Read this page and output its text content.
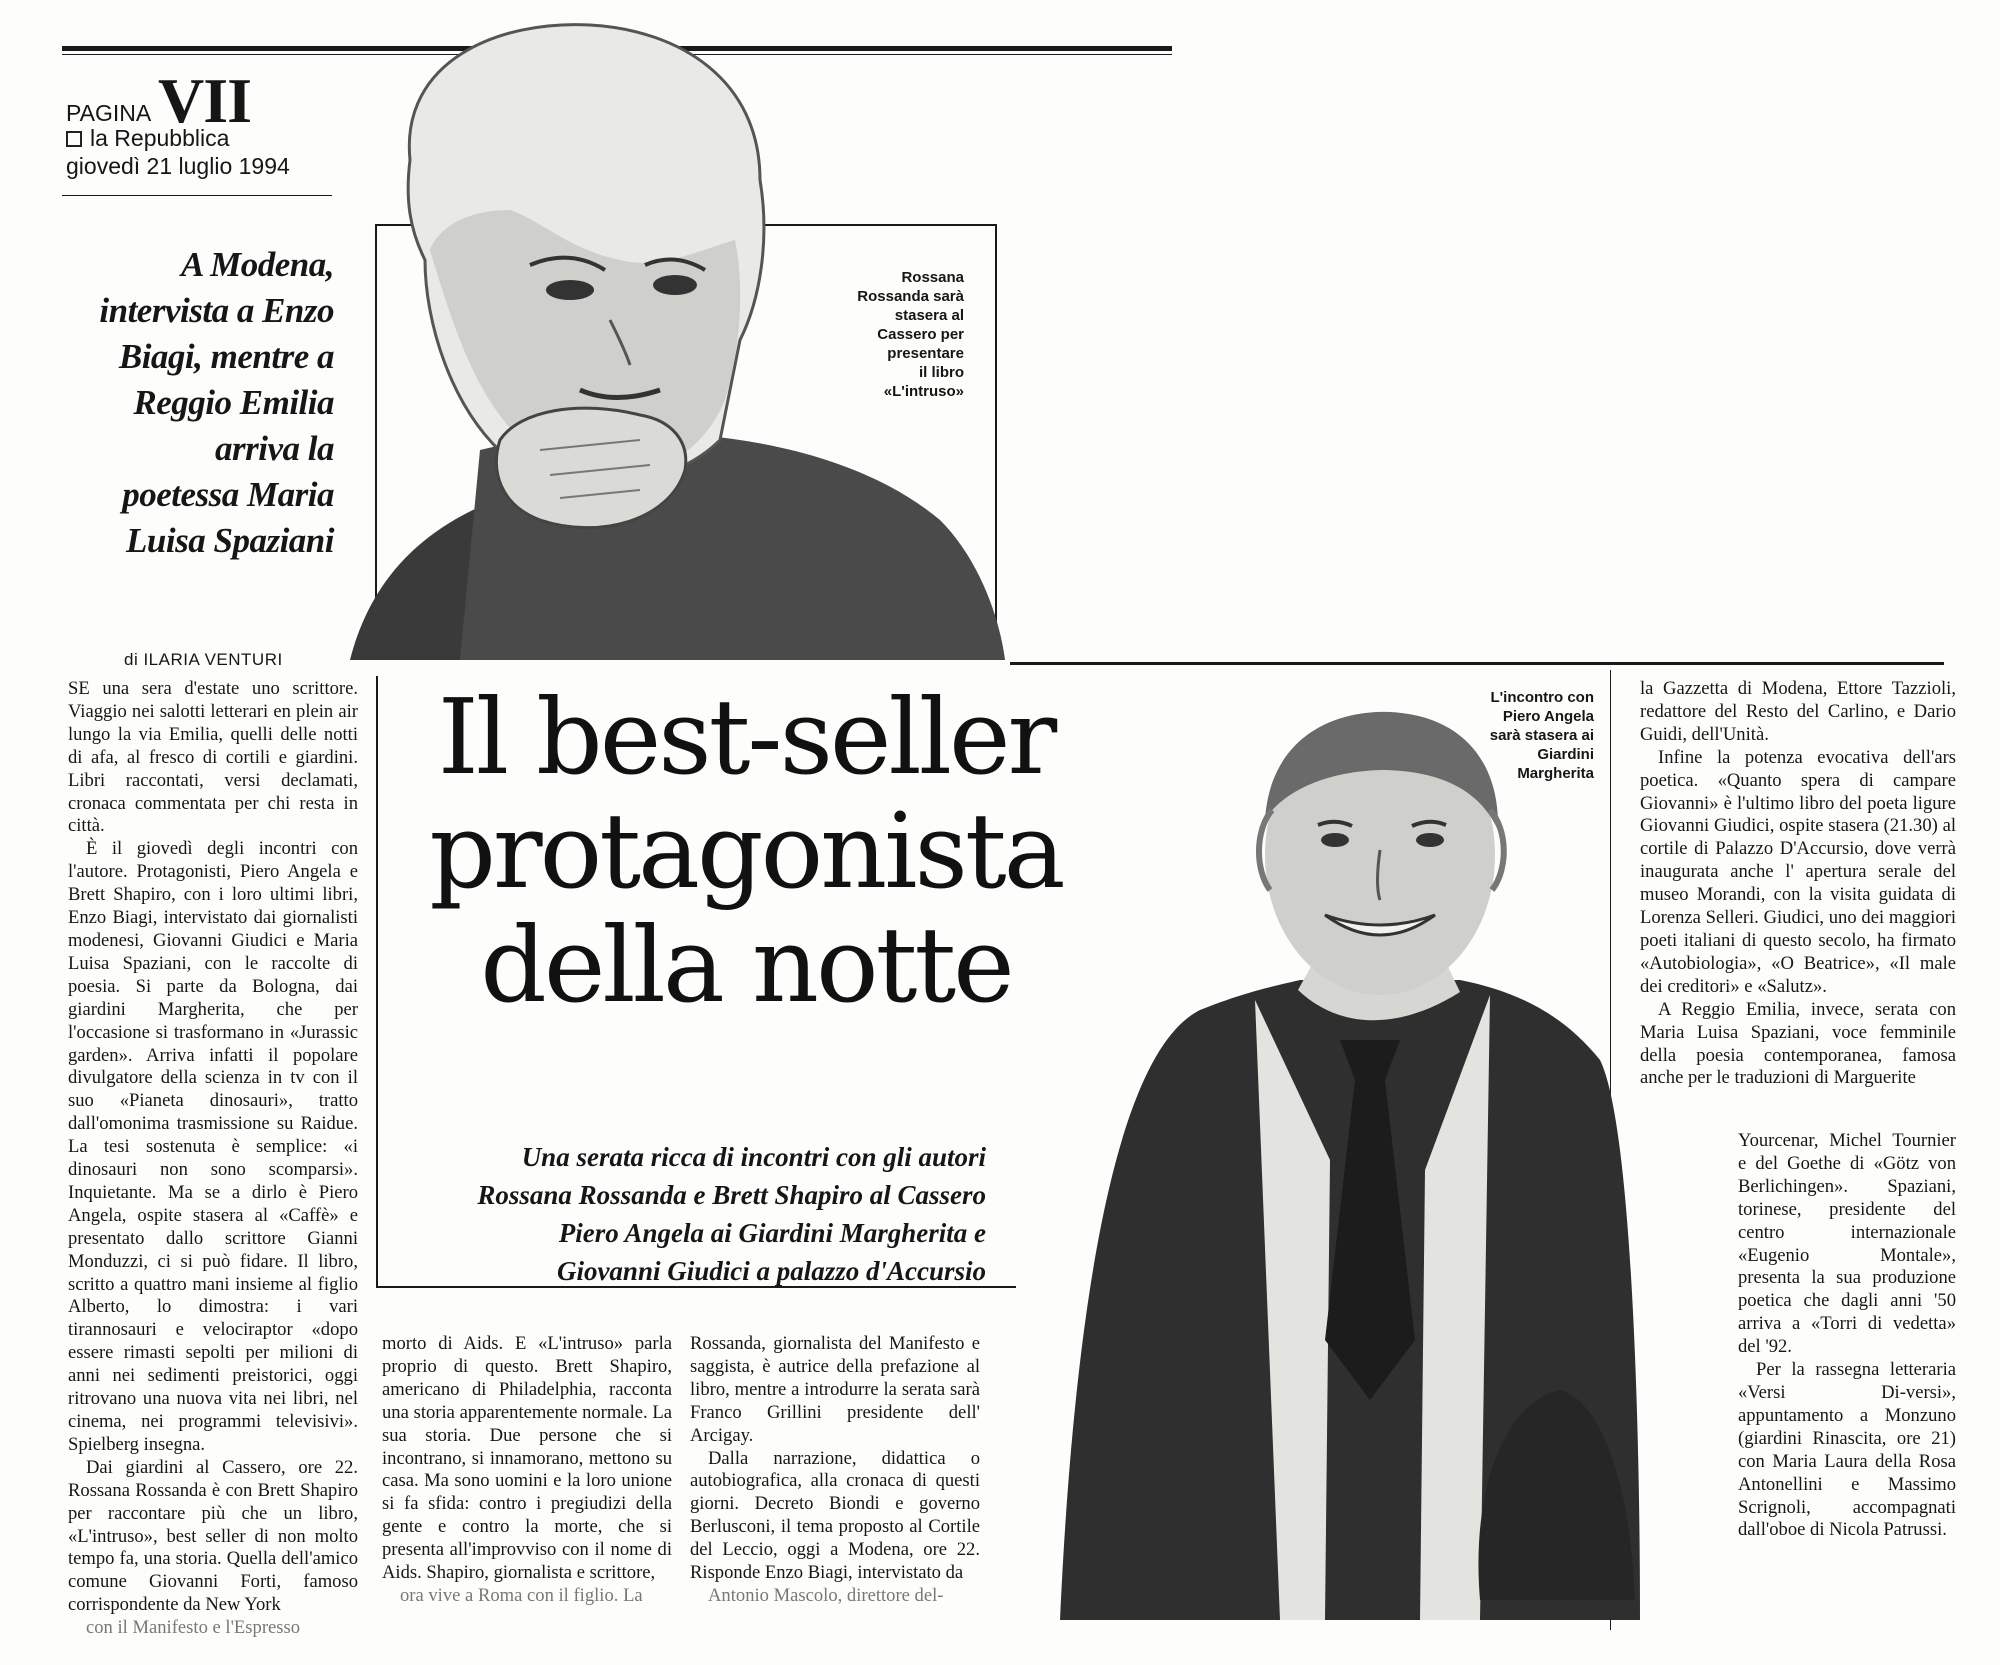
PAGINA VII
la Repubblica
giovedì 21 luglio 1994
A Modena,
intervista a Enzo
Biagi, mentre a
Reggio Emilia
arriva la
poetessa Maria
Luisa Spaziani
Rossana
Rossanda sarà
stasera al
Cassero per
presentare
il libro
«L'intruso»
di ILARIA VENTURI
Il best-seller
protagonista
della notte
Una serata ricca di incontri con gli autori
Rossana Rossanda e Brett Shapiro al Cassero
Piero Angela ai Giardini Margherita e
Giovanni Giudici a palazzo d'Accursio
L'incontro con
Piero Angela
sarà stasera ai
Giardini
Margherita

SE una sera d'estate uno scrittore. Viaggio nei salotti letterari en plein air lungo la via Emilia, quelli delle notti di afa, al fresco di cortili e giardini. Libri raccontati, versi declamati, cronaca commentata per chi resta in città.

È il giovedì degli incontri con l'autore. Protagonisti, Piero Angela e Brett Shapiro, con i loro ultimi libri, Enzo Biagi, intervistato dai giornalisti modenesi, Giovanni Giudici e Maria Luisa Spaziani, con le raccolte di poesia. Si parte da Bologna, dai giardini Margherita, che per l'occasione si trasformano in «Jurassic garden». Arriva infatti il popolare divulgatore della scienza in tv con il suo «Pianeta dinosauri», tratto dall'omonima trasmissione su Raidue. La tesi sostenuta è semplice: «i dinosauri non sono scomparsi». Inquietante. Ma se a dirlo è Piero Angela, ospite stasera al «Caffè» e presentato dallo scrittore Gianni Monduzzi, ci si può fidare. Il libro, scritto a quattro mani insieme al figlio Alberto, lo dimostra: i vari tirannosauri e velociraptor «dopo essere rimasti sepolti per milioni di anni nei sedimenti preistorici, oggi ritrovano una nuova vita nei libri, nel cinema, nei programmi televisivi». Spielberg insegna.

Dai giardini al Cassero, ore 22. Rossana Rossanda è con Brett Shapiro per raccontare più che un libro, «L'intruso», best seller di non molto tempo fa, una storia. Quella dell'amico comune Giovanni Forti, famoso corrispondente da New York

con il Manifesto e l'Espresso

morto di Aids. E «L'intruso» parla proprio di questo. Brett Shapiro, americano di Philadelphia, racconta una storia apparentemente normale. La sua storia. Due persone che si incontrano, si innamorano, mettono su casa. Ma sono uomini e la loro unione si fa sfida: contro i pregiudizi della gente e contro la morte, che si presenta all'improvviso con il nome di Aids. Shapiro, giornalista e scrittore,

ora vive a Roma con il figlio. La

Rossanda, giornalista del Manifesto e saggista, è autrice della prefazione al libro, mentre a introdurre la serata sarà Franco Grillini presidente dell' Arcigay.

Dalla narrazione, didattica o autobiografica, alla cronaca di questi giorni. Decreto Biondi e governo Berlusconi, il tema proposto al Cortile del Leccio, oggi a Modena, ore 22. Risponde Enzo Biagi, intervistato da

Antonio Mascolo, direttore del-

la Gazzetta di Modena, Ettore Tazzioli, redattore del Resto del Carlino, e Dario Guidi, dell'Unità.

Infine la potenza evocativa dell'ars poetica. «Quanto spera di campare Giovanni» è l'ultimo libro del poeta ligure Giovanni Giudici, ospite stasera (21.30) al cortile di Palazzo D'Accursio, dove verrà inaugurata anche l' apertura serale del museo Morandi, con la visita guidata di Lorenza Selleri. Giudici, uno dei maggiori poeti italiani di questo secolo, ha firmato «Autobiologia», «O Beatrice», «Il male dei creditori» e «Salutz».

A Reggio Emilia, invece, serata con Maria Luisa Spaziani, voce femminile della poesia contemporanea, famosa anche per le traduzioni di Marguerite

Yourcenar, Michel Tournier e del Goethe di «Götz von Berlichingen». Spaziani, torinese, presidente del centro internazionale «Eugenio Montale», presenta la sua produzione poetica che dagli anni '50 arriva a «Torri di vedetta» del '92.

Per la rassegna letteraria «Versi Di-versi», appuntamento a Monzuno (giardini Rinascita, ore 21) con Maria Laura della Rosa Antonellini e Massimo Scrignoli, accompagnati dall'oboe di Nicola Patrussi.
